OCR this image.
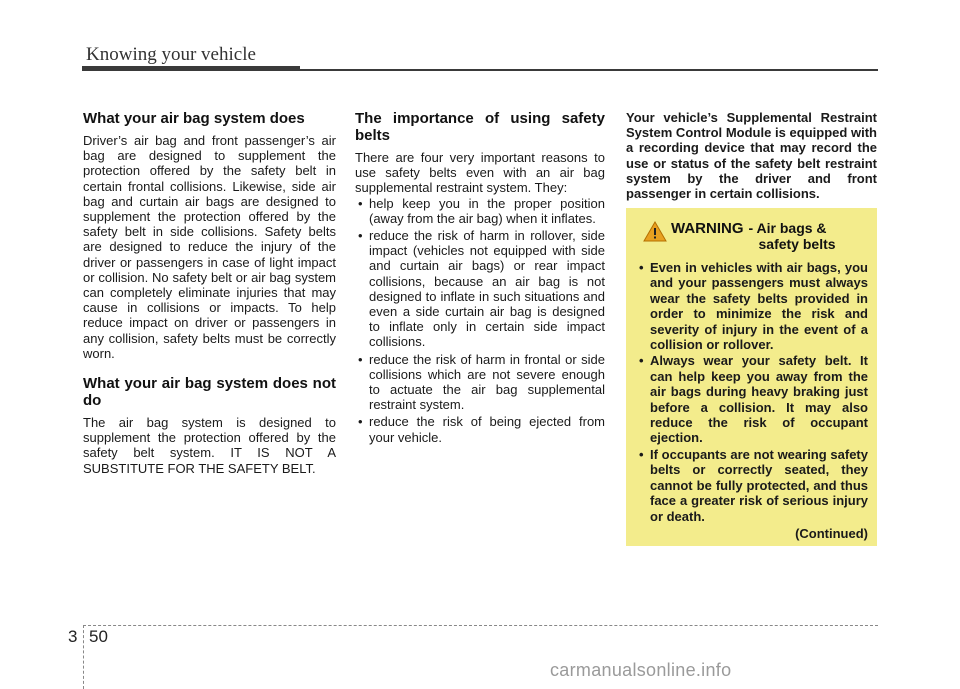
Knowing your vehicle
What your air bag system does

Driver’s air bag and front passenger’s air bag are designed to supplement the protection offered by the safety belt in certain frontal collisions. Likewise, side air bag and curtain air bags are designed to supplement the protection offered by the safety belt in side collisions. Safety belts are designed to reduce the injury of the driver or passengers in case of light impact or collision. No safety belt or air bag system can completely eliminate injuries that may cause in collisions or impacts. To help reduce impact on driver or passengers in any collision, safety belts must be correctly worn.

What your air bag system does not do

The air bag system is designed to supplement the protection offered by the safety belt system. IT IS NOT A SUBSTITUTE FOR THE SAFETY BELT.

The importance of using safety belts

There are four very important reasons to use safety belts even with an air bag supplemental restraint system. They:

• help keep you in the proper position (away from the air bag) when it inflates.
• reduce the risk of harm in rollover, side impact (vehicles not equipped with side and curtain air bags) or rear impact collisions, because an air bag is not designed to inflate in such situations and even a side curtain air bag is designed to inflate only in certain side impact collisions.
• reduce the risk of harm in frontal or side collisions which are not severe enough to actuate the air bag supplemental restraint system.
• reduce the risk of being ejected from your vehicle.

Your vehicle’s Supplemental Restraint System Control Module is equipped with a recording device that may record the use or status of the safety belt restraint system by the driver and front passenger in certain collisions.

WARNING - Air bags &
safety belts
• Even in vehicles with air bags, you and your passengers must always wear the safety belts provided in order to minimize the risk and severity of injury in the event of a collision or rollover.
• Always wear your safety belt. It can help keep you away from the air bags during heavy braking just before a collision. It may also reduce the risk of occupant ejection.
• If occupants are not wearing safety belts or correctly seated, they cannot be fully protected, and thus face a greater risk of serious injury or death.
(Continued)
3 50
carmanualsonline.info
